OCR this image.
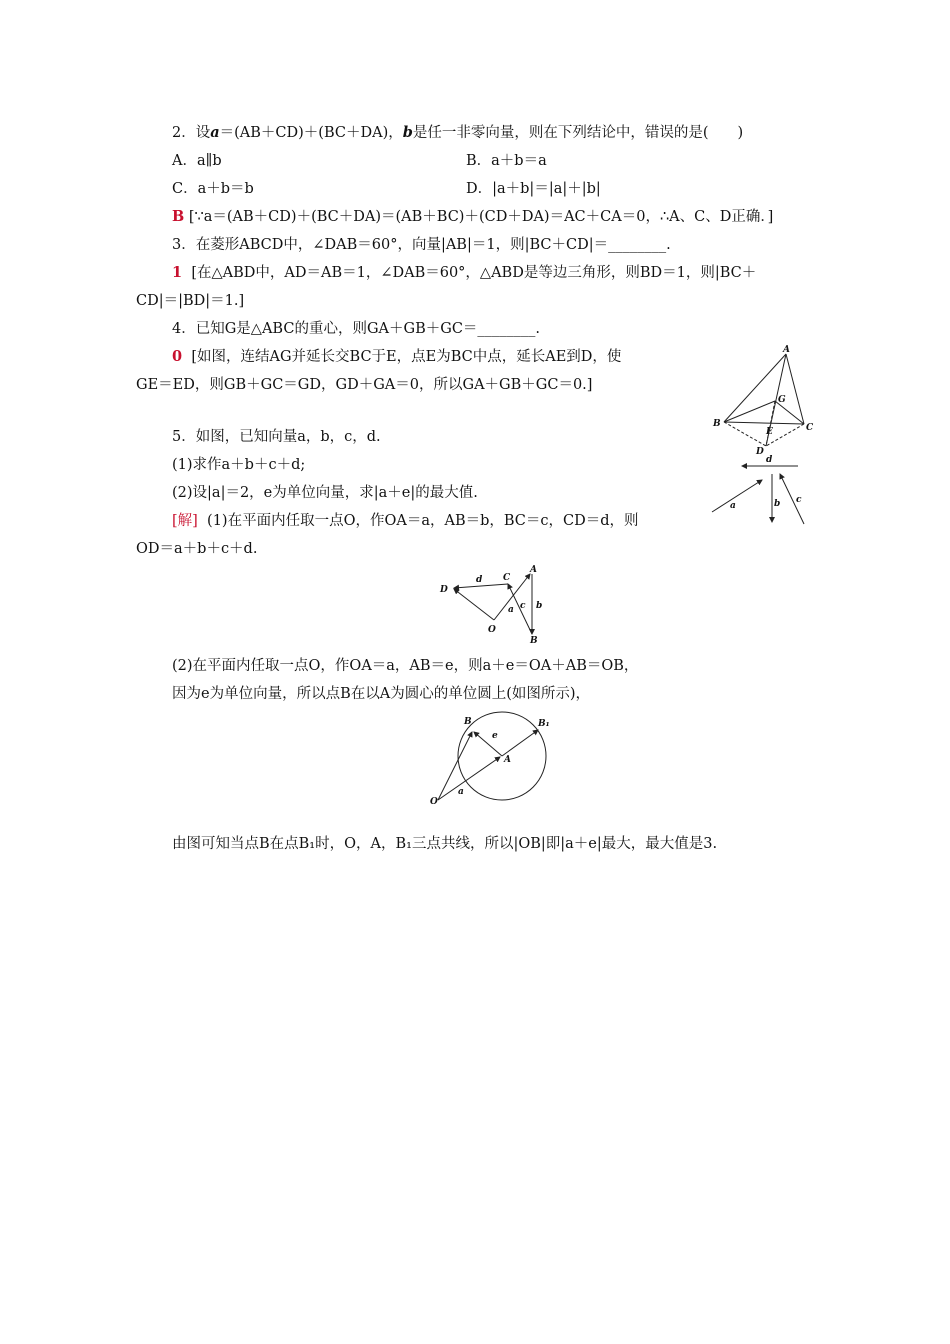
2．设a＝(AB＋CD)＋(BC＋DA)，b是任一非零向量，则在下列结论中，错误的是(　　)
A．a∥b	B．a＋b＝a
C．a＋b＝b	D．|a＋b|＝|a|＋|b|
B [∵a＝(AB＋CD)＋(BC＋DA)＝(AB＋BC)＋(CD＋DA)＝AC＋CA＝0，∴A、C、D正确．]
3．在菱形ABCD中，∠DAB＝60°，向量|AB|＝1，则|BC＋CD|＝________.
1 [在△ABD中，AD＝AB＝1，∠DAB＝60°，△ABD是等边三角形，则BD＝1，则|BC＋
CD|＝|BD|＝1.]
4．已知G是△ABC的重心，则GA＋GB＋GC＝________.
0 [如图，连结AG并延长交BC于E，点E为BC中点，延长AE到D，使
GE＝ED，则GB＋GC＝GD，GD＋GA＝0，所以GA＋GB＋GC＝0.]
A
B	C
G
E
D
5．如图，已知向量a，b，c，d.
(1)求作a＋b＋c＋d;
(2)设|a|＝2，e为单位向量，求|a＋e|的最大值.
[解] (1)在平面内任取一点O，作OA＝a，AB＝b，BC＝c，CD＝d，则
OD＝a＋b＋c＋d.
d
a	b c
D
C
A
O
B
d
a b
c
(2)在平面内任取一点O，作OA＝a，AB＝e，则a＋e＝OA＋AB＝OB，
因为e为单位向量，所以点B在以A为圆心的单位圆上(如图所示)，
B	B₁
e
A
O
a
由图可知当点B在点B₁时，O，A，B₁三点共线，所以|OB|即|a＋e|最大，最大值是3.
